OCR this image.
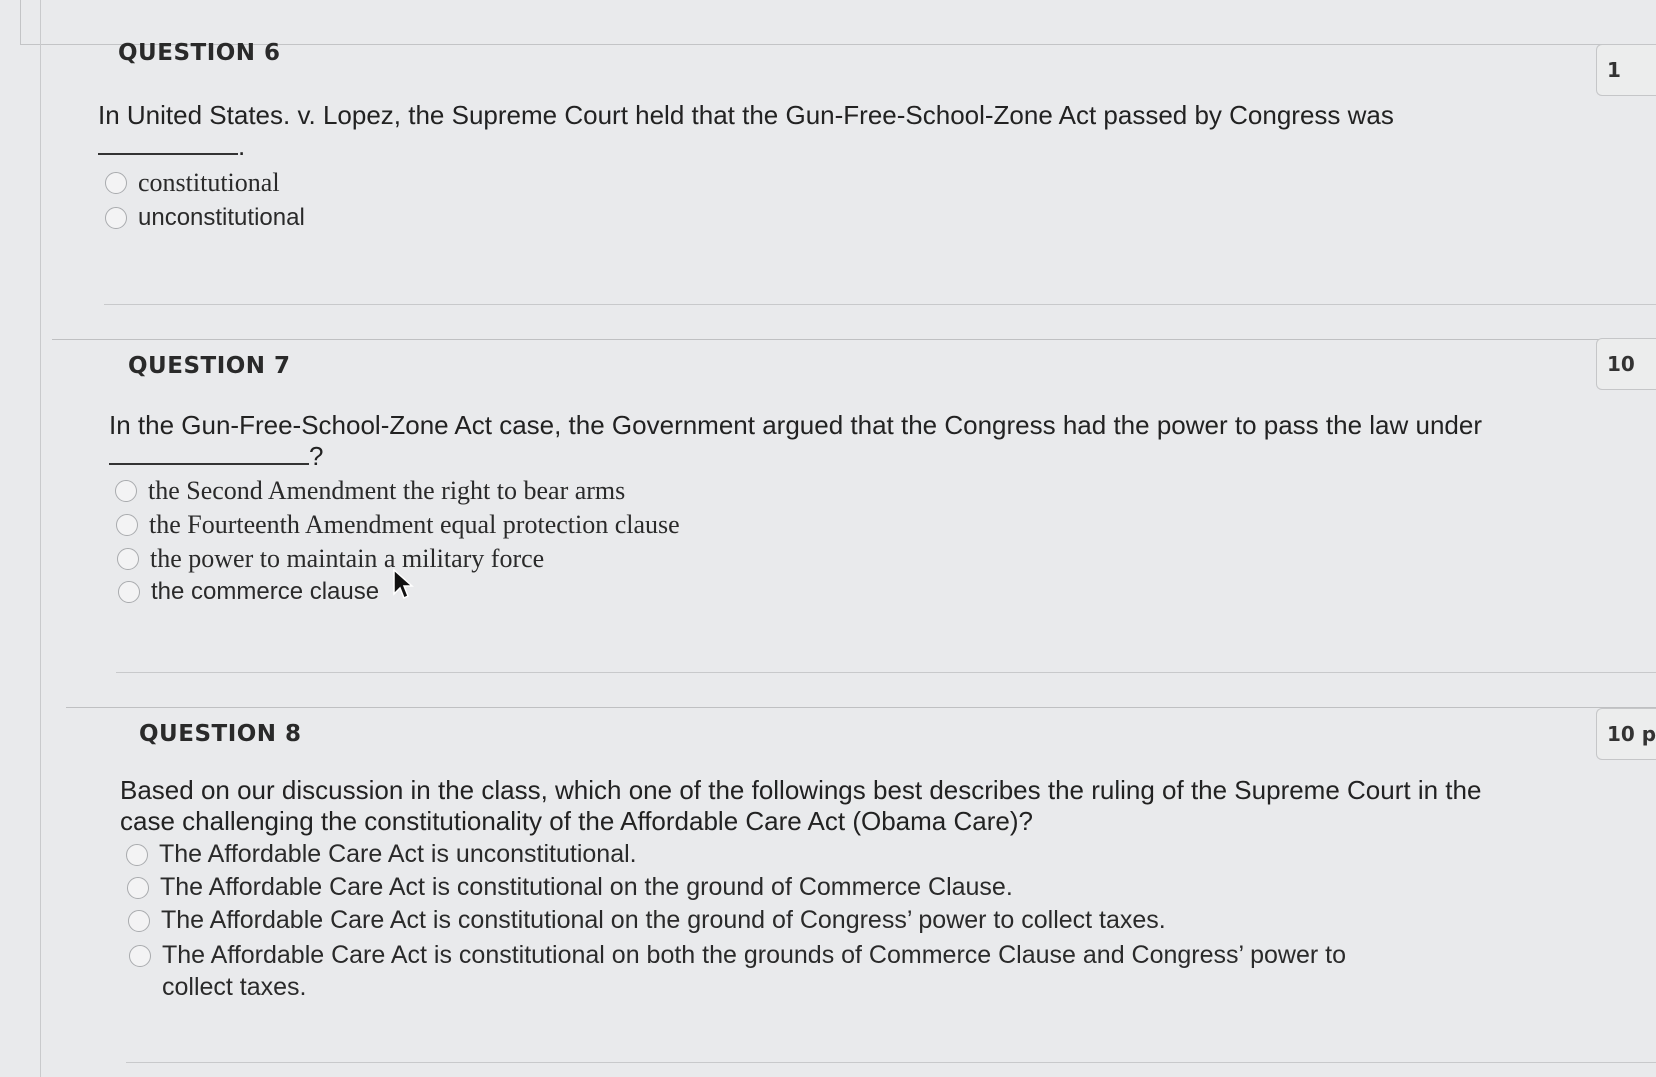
QUESTION 6
1
In United States. v. Lopez, the Supreme Court held that the Gun-Free-School-Zone Act passed by Congress was
.
constitutional
unconstitutional
QUESTION 7	10
In the Gun-Free-School-Zone Act case, the Government argued that the Congress had the power to pass the law under ?
the Second Amendment the right to bear arms
the Fourteenth Amendment equal protection clause
the power to maintain a military force
the commerce clause
QUESTION 8	10 p
Based on our discussion in the class, which one of the followings best describes the ruling of the Supreme Court in the case challenging the constitutionality of the Affordable Care Act (Obama Care)?
The Affordable Care Act is unconstitutional.
The Affordable Care Act is constitutional on the ground of Commerce Clause.
The Affordable Care Act is constitutional on the ground of Congress’ power to collect taxes.
The Affordable Care Act is constitutional on both the grounds of Commerce Clause and Congress’ power to collect taxes.
